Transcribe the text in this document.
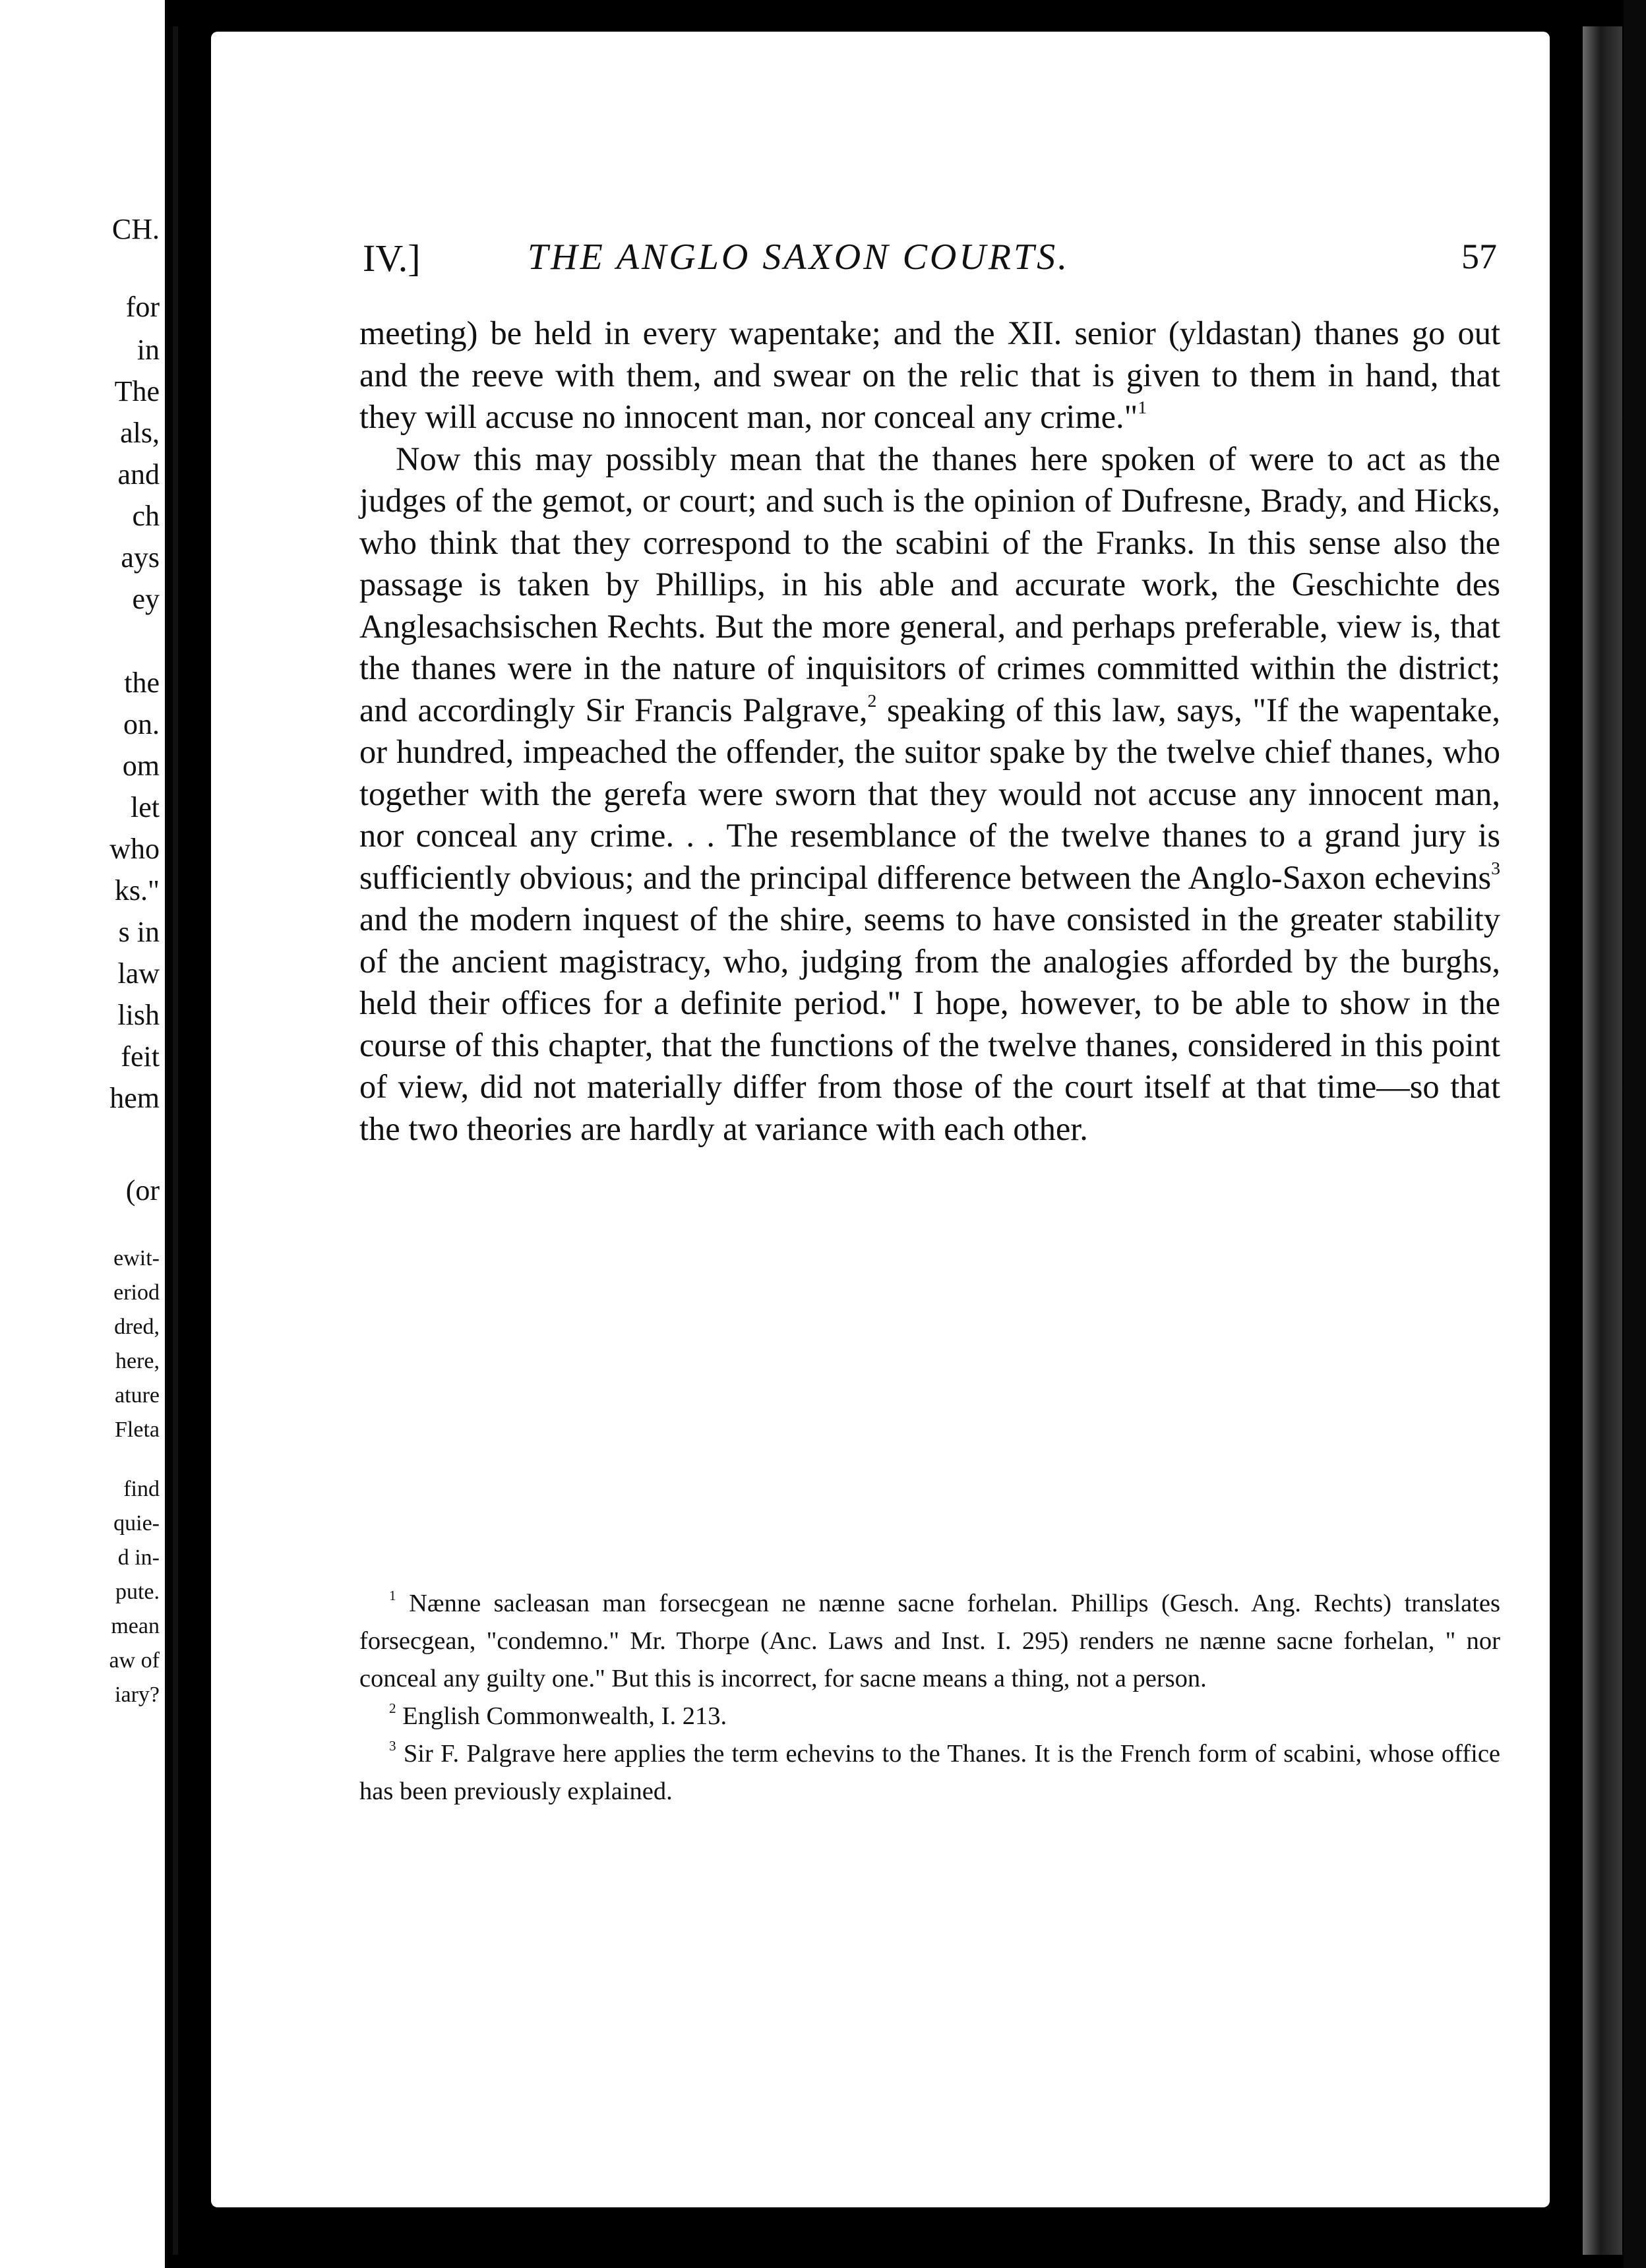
CH.
for
in
The
als,
and
ch
ays
ey
the
on.
om
let
who
ks."
s in
law
lish
feit
hem
(or
ewit-
eriod
dred,
here,
ature
Fleta
find
quie-
d in-
pute.
mean
aw of
iary?
IV.]	THE ANGLO SAXON COURTS.	57

meeting) be held in every wapentake; and the XII. senior (yldastan) thanes go out and the reeve with them, and swear on the relic that is given to them in hand, that they will accuse no innocent man, nor conceal any crime."$^1$

Now this may possibly mean that the thanes here spoken of were to act as the judges of the gemot, or court; and such is the opinion of Dufresne, Brady, and Hicks, who think that they correspond to the scabini of the Franks. In this sense also the passage is taken by Phillips, in his able and accurate work, the Geschichte des Anglesachsischen Rechts. But the more general, and perhaps preferable, view is, that the thanes were in the nature of inquisitors of crimes committed within the district; and accordingly Sir Francis Palgrave,$^2$ speaking of this law, says, "If the wapentake, or hundred, impeached the offender, the suitor spake by the twelve chief thanes, who together with the gerefa were sworn that they would not accuse any innocent man, nor conceal any crime. . . The resemblance of the twelve thanes to a grand jury is sufficiently obvious; and the principal difference between the Anglo-Saxon echevins$^3$ and the modern inquest of the shire, seems to have consisted in the greater stability of the ancient magistracy, who, judging from the analogies afforded by the burghs, held their offices for a definite period." I hope, however, to be able to show in the course of this chapter, that the functions of the twelve thanes, considered in this point of view, did not materially differ from those of the court itself at that time—so that the two theories are hardly at variance with each other.

$^1$ Nænne sacleasan man forsecgean ne nænne sacne forhelan. Phillips (Gesch. Ang. Rechts) translates forsecgean, "condemno." Mr. Thorpe (Anc. Laws and Inst. I. 295) renders ne nænne sacne forhelan, " nor conceal any guilty one." But this is incorrect, for sacne means a thing, not a person.

$^2$ English Commonwealth, I. 213.

$^3$ Sir F. Palgrave here applies the term echevins to the Thanes. It is the French form of scabini, whose office has been previously explained.
